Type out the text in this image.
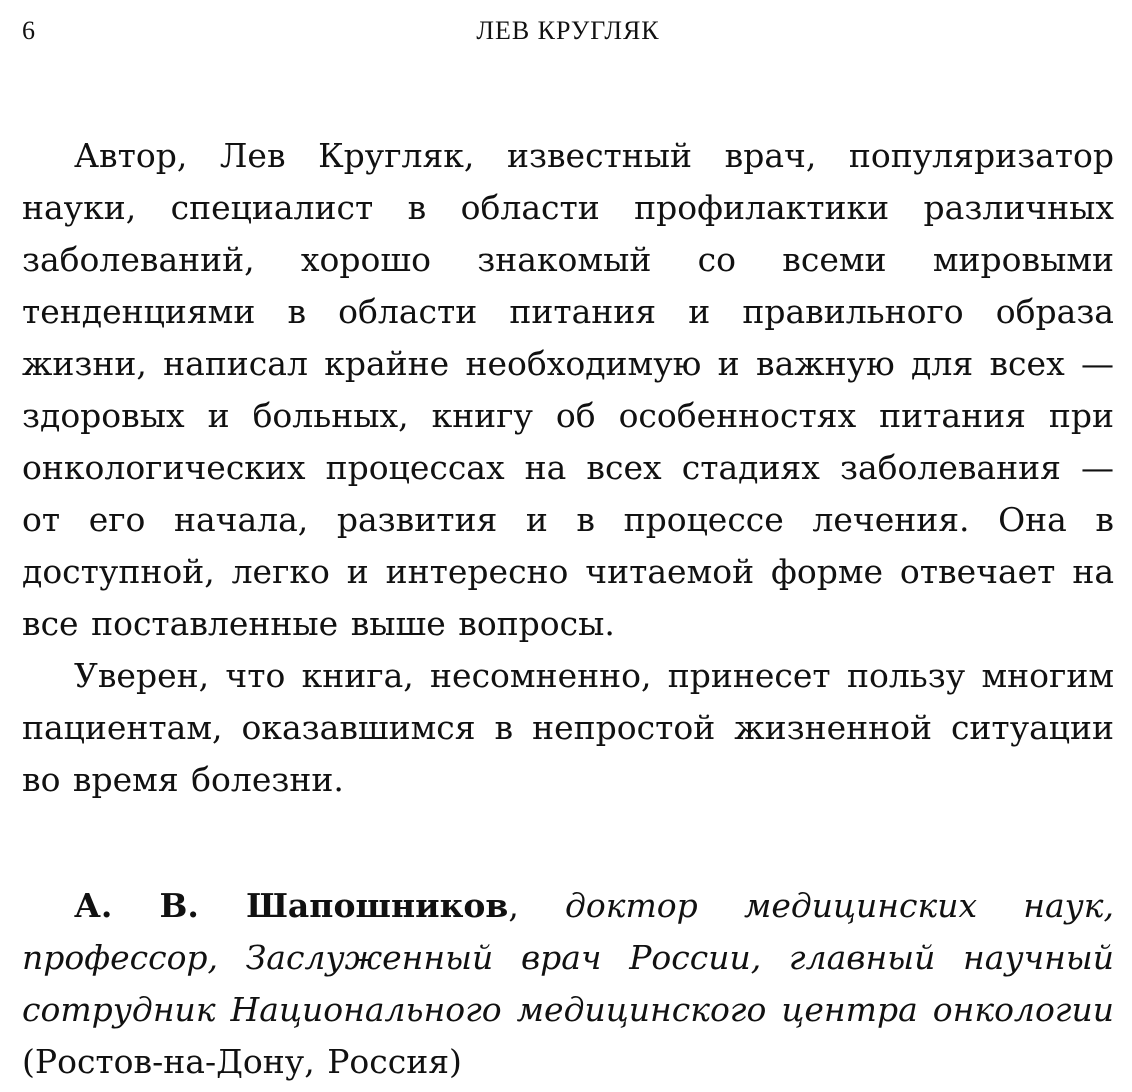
6	ЛЕВ КРУГЛЯК

Автор, Лев Кругляк, известный врач, популяризатор науки, специалист в области профилактики различных заболеваний, хорошо знакомый со всеми мировыми тенденциями в области питания и правильного образа жизни, написал крайне необходимую и важную для всех — здоровых и больных, книгу об особенностях питания при онкологических процессах на всех стадиях заболевания — от его начала, развития и в процессе лечения. Она в доступной, легко и интересно читаемой форме отвечает на все поставленные выше вопросы.

Уверен, что книга, несомненно, принесет пользу многим пациентам, оказавшимся в непростой жизненной ситуации во время болезни.

А. В. Шапошников, доктор медицинских наук, профессор, Заслуженный врач России, главный научный сотрудник Национального медицинского центра онкологии (Ростов-на-Дону, Россия)
